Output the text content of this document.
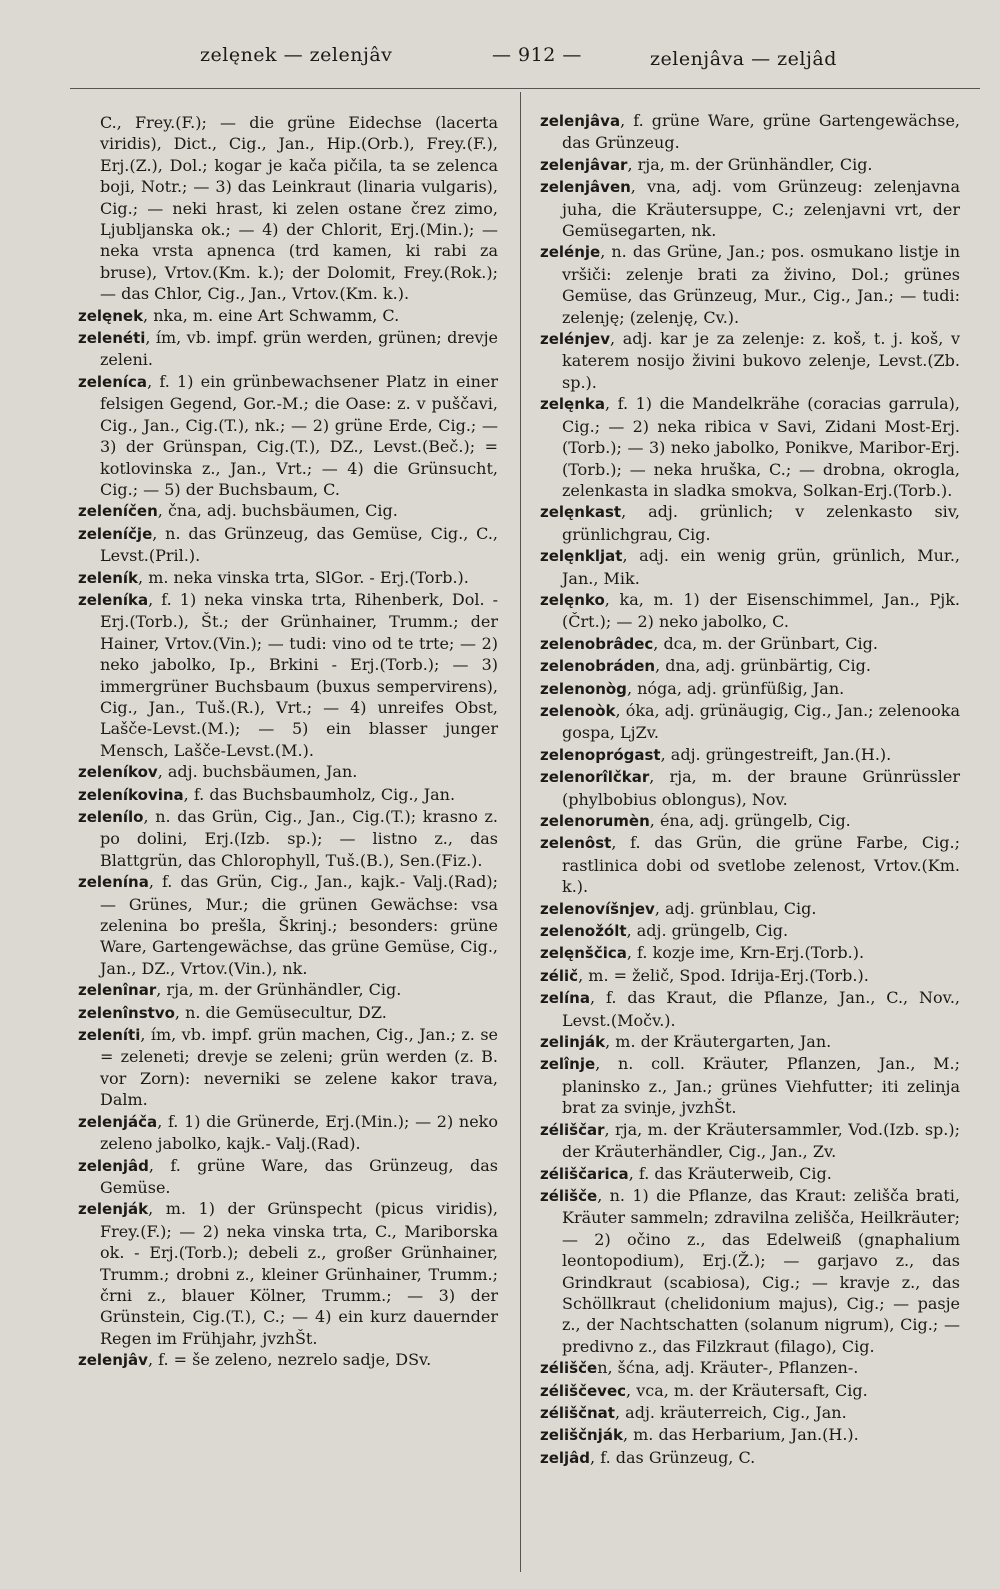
zelęnek — zelenjâv	— 912 —	zelenjâva — zeljâd

C., Frey.(F.); — die grüne Eidechse (lacerta viridis), Dict., Cig., Jan., Hip.(Orb.), Frey.(F.), Erj.(Z.), Dol.; kogar je kača pičila, ta se zelenca boji, Notr.; — 3) das Leinkraut (linaria vulgaris), Cig.; — neki hrast, ki zelen ostane črez zimo, Ljubljanska ok.; — 4) der Chlorit, Erj.(Min.); — neka vrsta apnenca (trd kamen, ki rabi za bruse), Vrtov.(Km. k.); der Dolomit, Frey.(Rok.); — das Chlor, Cig., Jan., Vrtov.(Km. k.).

zelęnek, nka, m. eine Art Schwamm, C.

zelenéti, ím, vb. impf. grün werden, grünen; drevje zeleni.

zeleníca, f. 1) ein grünbewachsener Platz in einer felsigen Gegend, Gor.-M.; die Oase: z. v puščavi, Cig., Jan., Cig.(T.), nk.; — 2) grüne Erde, Cig.; — 3) der Grünspan, Cig.(T.), DZ., Levst.(Beč.); = kotlovinska z., Jan., Vrt.; — 4) die Grünsucht, Cig.; — 5) der Buchsbaum, C.

zeleníčen, čna, adj. buchsbäumen, Cig.

zeleníčje, n. das Grünzeug, das Gemüse, Cig., C., Levst.(Pril.).

zeleník, m. neka vinska trta, SlGor. - Erj.(Torb.).

zeleníka, f. 1) neka vinska trta, Rihenberk, Dol. - Erj.(Torb.), Št.; der Grünhainer, Trumm.; der Hainer, Vrtov.(Vin.); — tudi: vino od te trte; — 2) neko jabolko, Ip., Brkini - Erj.(Torb.); — 3) immergrüner Buchsbaum (buxus sempervirens), Cig., Jan., Tuš.(R.), Vrt.; — 4) unreifes Obst, Lašče-Levst.(M.); — 5) ein blasser junger Mensch, Lašče-Levst.(M.).

zeleníkov, adj. buchsbäumen, Jan.

zeleníkovina, f. das Buchsbaumholz, Cig., Jan.

zelenílo, n. das Grün, Cig., Jan., Cig.(T.); krasno z. po dolini, Erj.(Izb. sp.); — listno z., das Blattgrün, das Chlorophyll, Tuš.(B.), Sen.(Fiz.).

zelenína, f. das Grün, Cig., Jan., kajk.- Valj.(Rad); — Grünes, Mur.; die grünen Gewächse: vsa zelenina bo prešla, Škrinj.; besonders: grüne Ware, Gartengewächse, das grüne Gemüse, Cig., Jan., DZ., Vrtov.(Vin.), nk.

zelenînar, rja, m. der Grünhändler, Cig.

zelenînstvo, n. die Gemüsecultur, DZ.

zeleníti, ím, vb. impf. grün machen, Cig., Jan.; z. se = zeleneti; drevje se zeleni; grün werden (z. B. vor Zorn): neverniki se zelene kakor trava, Dalm.

zelenjáča, f. 1) die Grünerde, Erj.(Min.); — 2) neko zeleno jabolko, kajk.- Valj.(Rad).

zelenjâd, f. grüne Ware, das Grünzeug, das Gemüse.

zelenják, m. 1) der Grünspecht (picus viridis), Frey.(F.); — 2) neka vinska trta, C., Mariborska ok. - Erj.(Torb.); debeli z., großer Grünhainer, Trumm.; drobni z., kleiner Grünhainer, Trumm.; črni z., blauer Kölner, Trumm.; — 3) der Grünstein, Cig.(T.), C.; — 4) ein kurz dauernder Regen im Frühjahr, jvzhŠt.

zelenjâv, f. = še zeleno, nezrelo sadje, DSv.

zelenjâva, f. grüne Ware, grüne Gartengewächse, das Grünzeug.

zelenjâvar, rja, m. der Grünhändler, Cig.

zelenjâven, vna, adj. vom Grünzeug: zelenjavna juha, die Kräutersuppe, C.; zelenjavni vrt, der Gemüsegarten, nk.

zelénje, n. das Grüne, Jan.; pos. osmukano listje in vršiči: zelenje brati za živino, Dol.; grünes Gemüse, das Grünzeug, Mur., Cig., Jan.; — tudi: zelenję; (zelenję, Cv.).

zelénjev, adj. kar je za zelenje: z. koš, t. j. koš, v katerem nosijo živini bukovo zelenje, Levst.(Zb. sp.).

zelęnka, f. 1) die Mandelkrähe (coracias garrula), Cig.; — 2) neka ribica v Savi, Zidani Most-Erj.(Torb.); — 3) neko jabolko, Ponikve, Maribor-Erj.(Torb.); — neka hruška, C.; — drobna, okrogla, zelenkasta in sladka smokva, Solkan-Erj.(Torb.).

zelęnkast, adj. grünlich; v zelenkasto siv, grünlichgrau, Cig.

zelęnkljat, adj. ein wenig grün, grünlich, Mur., Jan., Mik.

zelęnko, ka, m. 1) der Eisenschimmel, Jan., Pjk.(Črt.); — 2) neko jabolko, C.

zelenobrâdec, dca, m. der Grünbart, Cig.

zelenobráden, dna, adj. grünbärtig, Cig.

zelenonòg, nóga, adj. grünfüßig, Jan.

zelenoòk, óka, adj. grünäugig, Cig., Jan.; zelenooka gospa, LjZv.

zelenoprógast, adj. grüngestreift, Jan.(H.).

zelenorîlčkar, rja, m. der braune Grünrüssler (phylbobius oblongus), Nov.

zelenorumèn, éna, adj. grüngelb, Cig.

zelenôst, f. das Grün, die grüne Farbe, Cig.; rastlinica dobi od svetlobe zelenost, Vrtov.(Km. k.).

zelenovíšnjev, adj. grünblau, Cig.

zelenožólt, adj. grüngelb, Cig.

zelęnščica, f. kozje ime, Krn-Erj.(Torb.).

zélič, m. = želič, Spod. Idrija-Erj.(Torb.).

zelína, f. das Kraut, die Pflanze, Jan., C., Nov., Levst.(Močv.).

zelinják, m. der Kräutergarten, Jan.

zelînje, n. coll. Kräuter, Pflanzen, Jan., M.; planinsko z., Jan.; grünes Viehfutter; iti zelinja brat za svinje, jvzhŠt.

zéliščar, rja, m. der Kräutersammler, Vod.(Izb. sp.); der Kräuterhändler, Cig., Jan., Zv.

zéliščarica, f. das Kräuterweib, Cig.

zélišče, n. 1) die Pflanze, das Kraut: zelišča brati, Kräuter sammeln; zdravilna zelišča, Heilkräuter; — 2) očino z., das Edelweiß (gnaphalium leontopodium), Erj.(Ž.); — garjavo z., das Grindkraut (scabiosa), Cig.; — kravje z., das Schöllkraut (chelidonium majus), Cig.; — pasje z., der Nachtschatten (solanum nigrum), Cig.; — predivno z., das Filzkraut (filago), Cig.

zéliščen, šćna, adj. Kräuter-, Pflanzen-.

zéliščevec, vca, m. der Kräutersaft, Cig.

zéliščnat, adj. kräuterreich, Cig., Jan.

zeliščnják, m. das Herbarium, Jan.(H.).

zeljâd, f. das Grünzeug, C.
